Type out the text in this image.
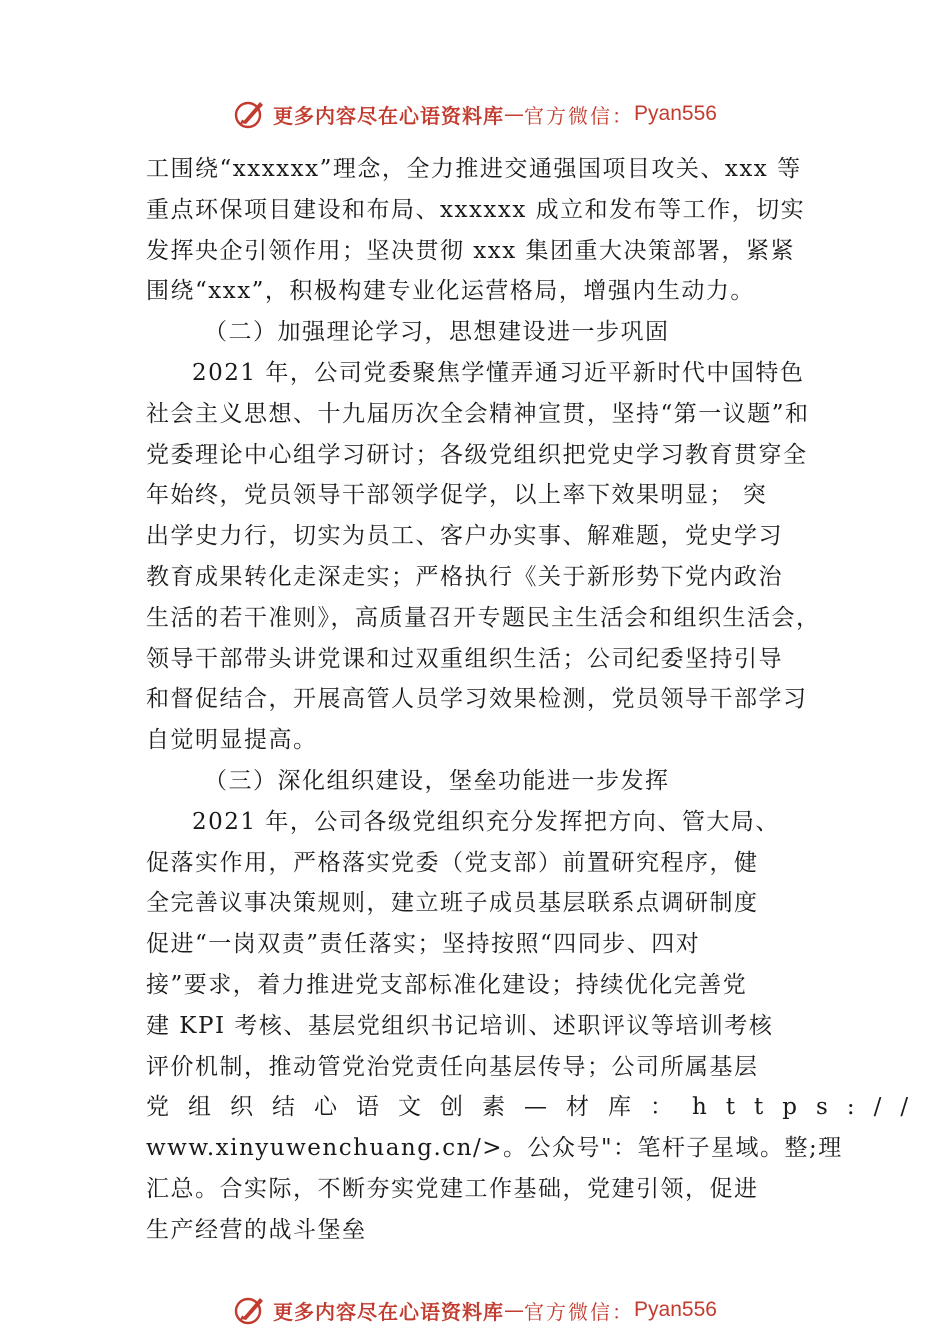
更多内容尽在心语资料库 — 官方微信： Pyan556
工围绕“xxxxxx”理念，全力推进交通强国项目攻关、xxx 等
重点环保项目建设和布局、xxxxxx 成立和发布等工作，切实
发挥央企引领作用；坚决贯彻 xxx 集团重大决策部署，紧紧
围绕“xxx”，积极构建专业化运营格局，增强内生动力。
（二）加强理论学习，思想建设进一步巩固
2021 年，公司党委聚焦学懂弄通习近平新时代中国特色
社会主义思想、十九届历次全会精神宣贯，坚持“第一议题”和
党委理论中心组学习研讨；各级党组织把党史学习教育贯穿全
年始终，党员领导干部领学促学，以上率下效果明显； 突
出学史力行，切实为员工、客户办实事、解难题，党史学习
教育成果转化走深走实；严格执行《关于新形势下党内政治
生活的若干准则》，高质量召开专题民主生活会和组织生活会，
领导干部带头讲党课和过双重组织生活；公司纪委坚持引导
和督促结合，开展高管人员学习效果检测，党员领导干部学习
自觉明显提高。
（三）深化组织建设，堡垒功能进一步发挥
2021 年，公司各级党组织充分发挥把方向、管大局、
促落实作用，严格落实党委（党支部）前置研究程序，健
全完善议事决策规则，建立班子成员基层联系点调研制度
促进“一岗双责”责任落实；坚持按照“四同步、四对
接”要求，着力推进党支部标准化建设；持续优化完善党
建 KPI 考核、基层党组织书记培训、述职评议等培训考核
评价机制，推动管党治党责任向基层传导；公司所属基层
党组织结心语文创素—材库：https://
www.xinyuwenchuang.cn/>。公众号"：笔杆子星域。整;理
汇总。合实际，不断夯实党建工作基础，党建引领，促进
生产经营的战斗堡垒
更多内容尽在心语资料库 — 官方微信： Pyan556
